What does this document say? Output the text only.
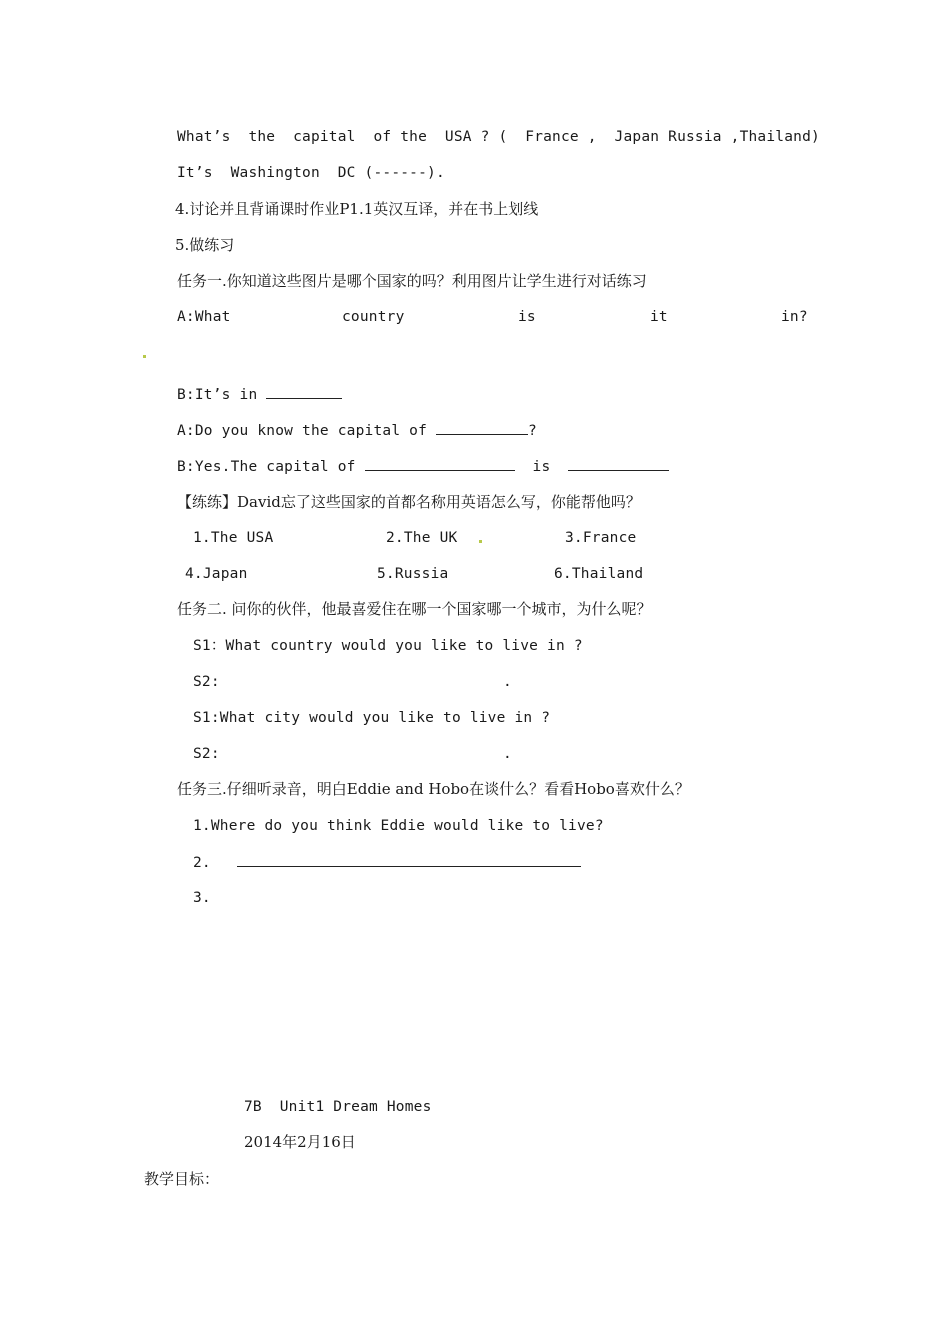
What’s  the  capital  of the  USA ? (  France ,  Japan Russia ,Thailand)
It’s  Washington  DC (------).
4.讨论并且背诵课时作业P1.1英汉互译，并在书上划线
5.做练习
任务一.你知道这些图片是哪个国家的吗？利用图片让学生进行对话练习
A:What	country	is	it	in?
B:It’s in
A:Do you know the capital of	?
B:Yes.The capital of	is
【练练】David忘了这些国家的首都名称用英语怎么写，你能帮他吗？
1.The USA	2.The UK	3.France
4.Japan	5.Russia	6.Thailand
任务二. 问你的伙伴，他最喜爱住在哪一个国家哪一个城市，为什么呢？
S1：What country would you like to live in ?
S2:	.
S1:What city would you like to live in ?
S2:	.
任务三.仔细听录音，明白Eddie and Hobo在谈什么？看看Hobo喜欢什么？
1.Where do you think Eddie would like to live?
2.
3.
7B  Unit1 Dream Homes
2014年2月16日
教学目标：
